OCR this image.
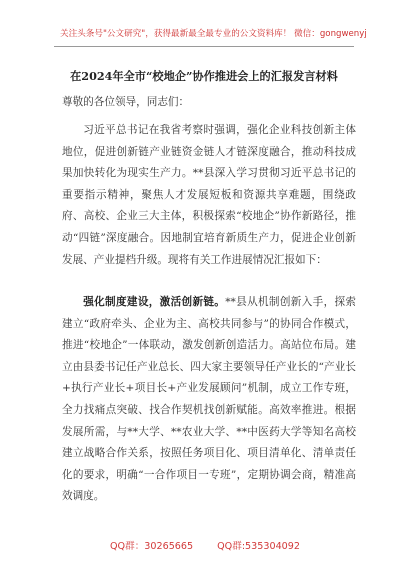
关注头条号"公文研究"，获得最新最全最专业的公文资料库！ 微信：gongwenyj
在2024年全市“校地企”协作推进会上的汇报发言材料
尊敬的各位领导，同志们：

习近平总书记在我省考察时强调，强化企业科技创新主体地位，促进创新链产业链资金链人才链深度融合，推动科技成果加快转化为现实生产力。**县深入学习贯彻习近平总书记的重要指示精神，聚焦人才发展短板和资源共享难题，围绕政府、高校、企业三大主体，积极探索“校地企”协作新路径，推动“四链”深度融合。因地制宜培育新质生产力，促进企业创新发展、产业提档升级。现将有关工作进展情况汇报如下：

强化制度建设，激活创新链。**县从机制创新入手，探索建立“政府牵头、企业为主、高校共同参与”的协同合作模式，推进“校地企”一体联动，激发创新创造活力。高站位布局。建立由县委书记任产业总长、四大家主要领导任产业长的“产业长+执行产业长+项目长+产业发展顾问”机制，成立工作专班，全力找痛点突破、找合作契机找创新赋能。高效率推进。根据发展所需，与**大学、**农业大学、**中医药大学等知名高校建立战略合作关系，按照任务项目化、项目清单化、清单责任化的要求，明确“一合作项目一专班”，定期协调会商，精准高效调度。

QQ群：30265665	QQ群:535304092
